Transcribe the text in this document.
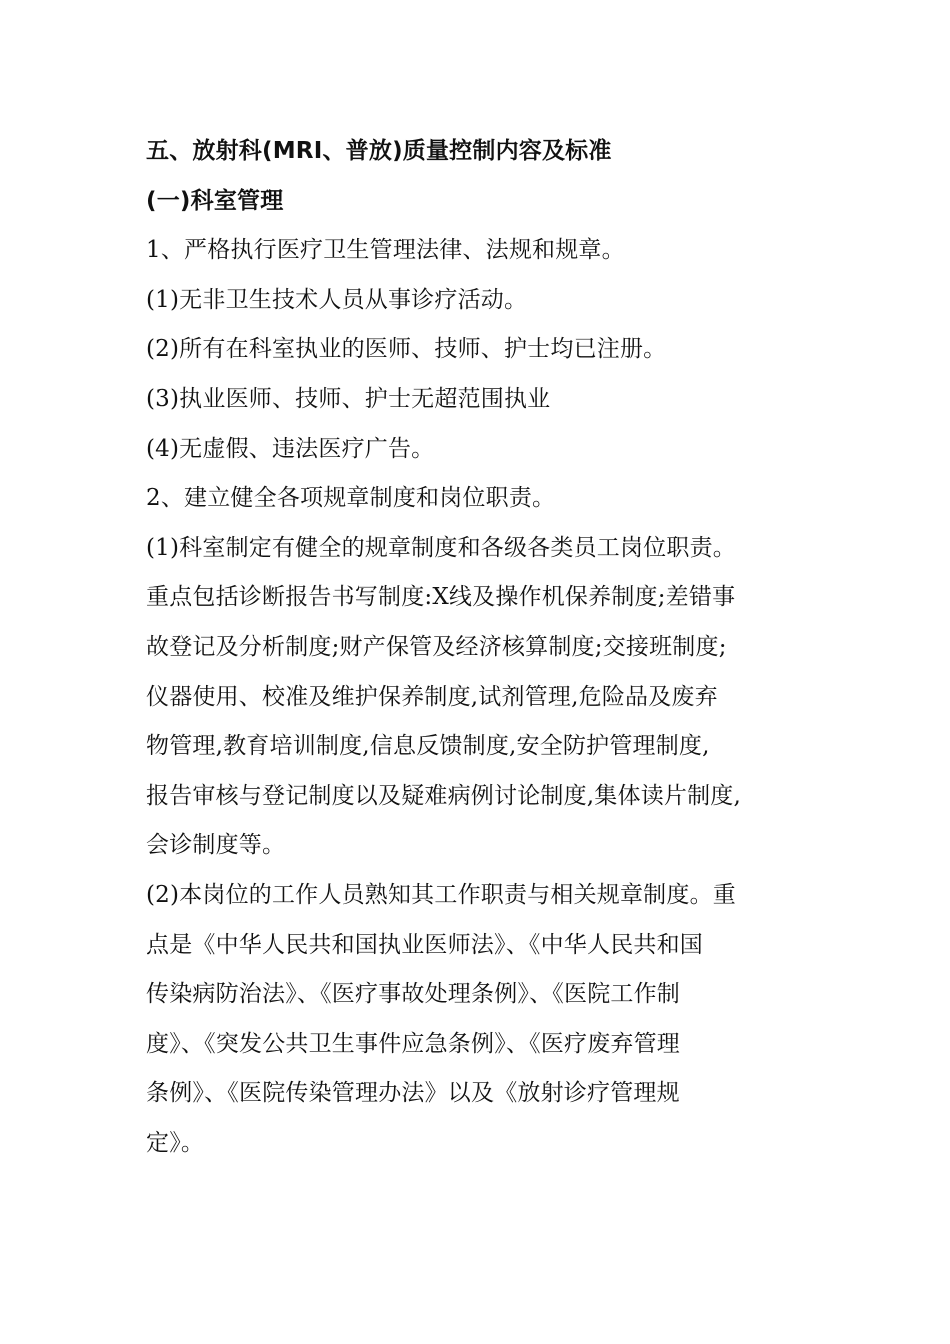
五、放射科(MRI、普放)质量控制内容及标准
(一)科室管理
1、严格执行医疗卫生管理法律、法规和规章。
(1)无非卫生技术人员从事诊疗活动。
(2)所有在科室执业的医师、技师、护士均已注册。
(3)执业医师、技师、护士无超范围执业
(4)无虚假、违法医疗广告。
2、建立健全各项规章制度和岗位职责。
(1)科室制定有健全的规章制度和各级各类员工岗位职责。
重点包括诊断报告书写制度:X线及操作机保养制度;差错事
故登记及分析制度;财产保管及经济核算制度;交接班制度;
仪器使用、校准及维护保养制度,试剂管理,危险品及废弃
物管理,教育培训制度,信息反馈制度,安全防护管理制度,
报告审核与登记制度以及疑难病例讨论制度,集体读片制度,
会诊制度等。
(2)本岗位的工作人员熟知其工作职责与相关规章制度。重
点是《中华人民共和国执业医师法》、《中华人民共和国
传染病防治法》、《医疗事故处理条例》、《医院工作制
度》、《突发公共卫生事件应急条例》、《医疗废弃管理
条例》、《医院传染管理办法》以及《放射诊疗管理规
定》。
